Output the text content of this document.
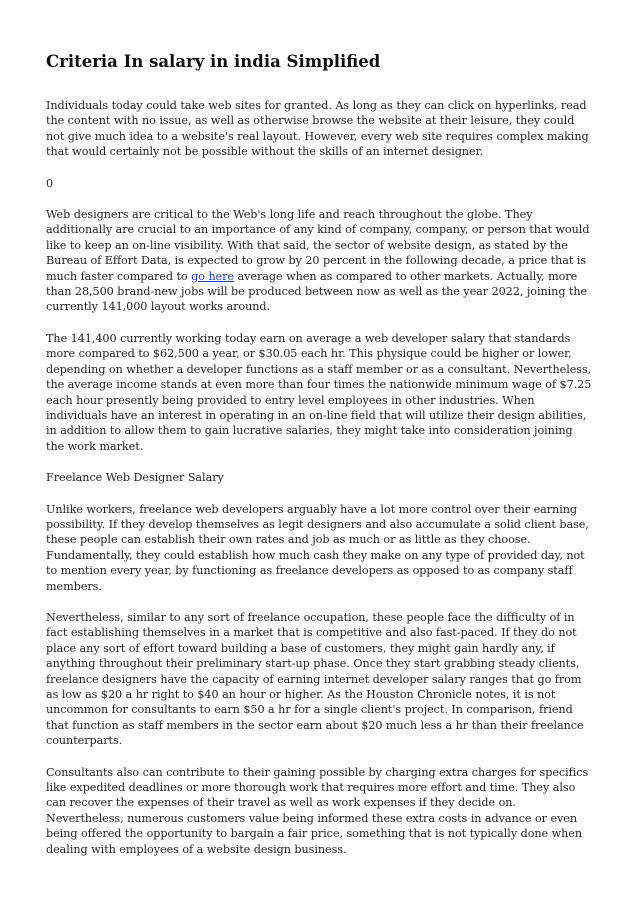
Criteria In salary in india Simplified

Individuals today could take web sites for granted. As long as they can click on hyperlinks, read the content with no issue, as well as otherwise browse the website at their leisure, they could not give much idea to a website's real layout. However, every web site requires complex making that would certainly not be possible without the skills of an internet designer.

0

Web designers are critical to the Web's long life and reach throughout the globe. They additionally are crucial to an importance of any kind of company, company, or person that would like to keep an on-line visibility. With that said, the sector of website design, as stated by the Bureau of Effort Data, is expected to grow by 20 percent in the following decade, a price that is much faster compared to go here average when as compared to other markets. Actually, more than 28,500 brand-new jobs will be produced between now as well as the year 2022, joining the currently 141,000 layout works around.

The 141,400 currently working today earn on average a web developer salary that standards more compared to $62,500 a year, or $30.05 each hr. This physique could be higher or lower, depending on whether a developer functions as a staff member or as a consultant. Nevertheless, the average income stands at even more than four times the nationwide minimum wage of $7.25 each hour presently being provided to entry level employees in other industries. When individuals have an interest in operating in an on-line field that will utilize their design abilities, in addition to allow them to gain lucrative salaries, they might take into consideration joining the work market.

Freelance Web Designer Salary

Unlike workers, freelance web developers arguably have a lot more control over their earning possibility. If they develop themselves as legit designers and also accumulate a solid client base, these people can establish their own rates and job as much or as little as they choose. Fundamentally, they could establish how much cash they make on any type of provided day, not to mention every year, by functioning as freelance developers as opposed to as company staff members.

Nevertheless, similar to any sort of freelance occupation, these people face the difficulty of in fact establishing themselves in a market that is competitive and also fast-paced. If they do not place any sort of effort toward building a base of customers, they might gain hardly any, if anything throughout their preliminary start-up phase. Once they start grabbing steady clients, freelance designers have the capacity of earning internet developer salary ranges that go from as low as $20 a hr right to $40 an hour or higher. As the Houston Chronicle notes, it is not uncommon for consultants to earn $50 a hr for a single client's project. In comparison, friend that function as staff members in the sector earn about $20 much less a hr than their freelance counterparts.

Consultants also can contribute to their gaining possible by charging extra charges for specifics like expedited deadlines or more thorough work that requires more effort and time. They also can recover the expenses of their travel as well as work expenses if they decide on. Nevertheless, numerous customers value being informed these extra costs in advance or even being offered the opportunity to bargain a fair price, something that is not typically done when dealing with employees of a website design business.
